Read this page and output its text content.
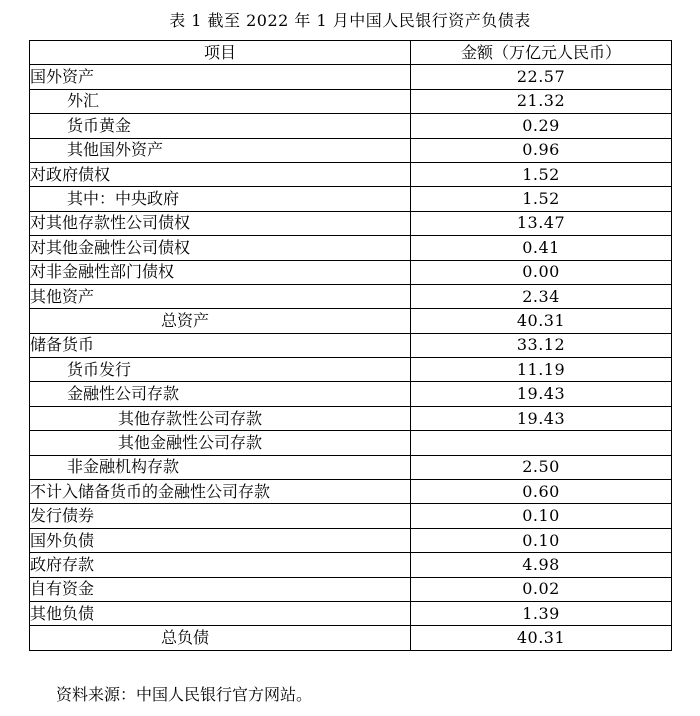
表 1 截至 2022 年 1 月中国人民银行资产负债表
项目	金额（万亿元人民币）
国外资产	22.57
外汇	21.32
货币黄金	0.29
其他国外资产	0.96
对政府债权	1.52
其中：中央政府	1.52
对其他存款性公司债权	13.47
对其他金融性公司债权	0.41
对非金融性部门债权	0.00
其他资产	2.34
总资产	40.31
储备货币	33.12
货币发行	11.19
金融性公司存款	19.43
其他存款性公司存款	19.43
其他金融性公司存款	
非金融机构存款	2.50
不计入储备货币的金融性公司存款	0.60
发行债券	0.10
国外负债	0.10
政府存款	4.98
自有资金	0.02
其他负债	1.39
总负债	40.31
资料来源：中国人民银行官方网站。
